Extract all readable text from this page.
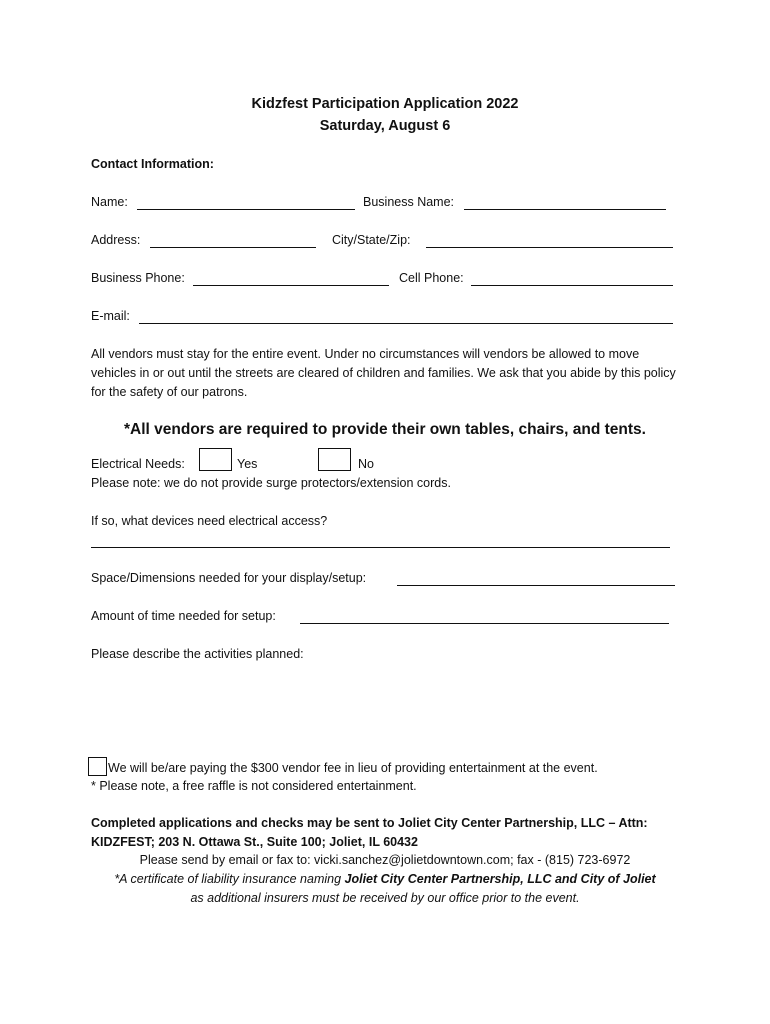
Kidzfest Participation Application 2022
Saturday, August 6
Contact Information:
Name:	Business Name:
Address:	City/State/Zip:
Business Phone:	Cell Phone:
E-mail:
All vendors must stay for the entire event. Under no circumstances will vendors be allowed to move vehicles in or out until the streets are cleared of children and families. We ask that you abide by this policy for the safety of our patrons.
*All vendors are required to provide their own tables, chairs, and tents.
Electrical Needs:	Yes	No
Please note: we do not provide surge protectors/extension cords.
If so, what devices need electrical access?
Space/Dimensions needed for your display/setup:
Amount of time needed for setup:
Please describe the activities planned:
We will be/are paying the $300 vendor fee in lieu of providing entertainment at the event.
* Please note, a free raffle is not considered entertainment.
Completed applications and checks may be sent to Joliet City Center Partnership, LLC – Attn:
KIDZFEST; 203 N. Ottawa St., Suite 100; Joliet, IL 60432
Please send by email or fax to: vicki.sanchez@jolietdowntown.com; fax - (815) 723-6972
*A certificate of liability insurance naming Joliet City Center Partnership, LLC and City of Joliet
as additional insurers must be received by our office prior to the event.
